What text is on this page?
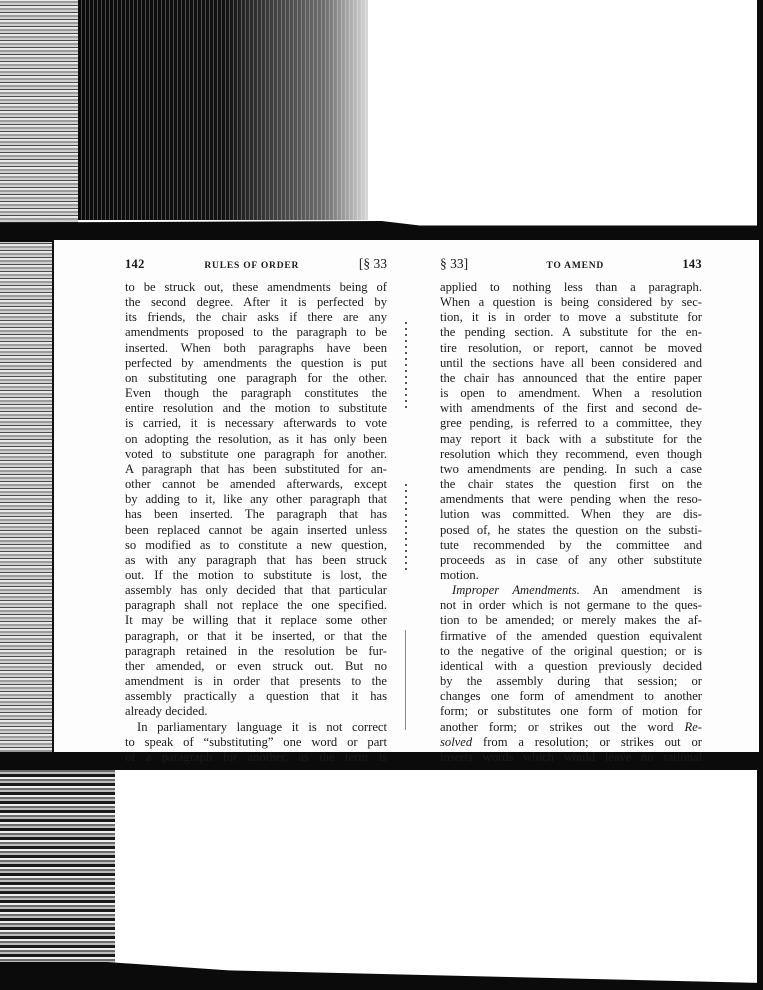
142	RULES OF ORDER	[§ 33
to be struck out, these amendments being of
the second degree. After it is perfected by
its friends, the chair asks if there are any
amendments proposed to the paragraph to be
inserted. When both paragraphs have been
perfected by amendments the question is put
on substituting one paragraph for the other.
Even though the paragraph constitutes the
entire resolution and the motion to substitute
is carried, it is necessary afterwards to vote
on adopting the resolution, as it has only been
voted to substitute one paragraph for another.
A paragraph that has been substituted for an-
other cannot be amended afterwards, except
by adding to it, like any other paragraph that
has been inserted. The paragraph that has
been replaced cannot be again inserted unless
so modified as to constitute a new question,
as with any paragraph that has been struck
out. If the motion to substitute is lost, the
assembly has only decided that that particular
paragraph shall not replace the one specified.
It may be willing that it replace some other
paragraph, or that it be inserted, or that the
paragraph retained in the resolution be fur-
ther amended, or even struck out. But no
amendment is in order that presents to the
assembly practically a question that it has
already decided.
In parliamentary language it is not correct
to speak of “substituting” one word or part
of a paragraph for another, as the term is
§ 33]	TO AMEND	143
applied to nothing less than a paragraph.
When a question is being considered by sec-
tion, it is in order to move a substitute for
the pending section. A substitute for the en-
tire resolution, or report, cannot be moved
until the sections have all been considered and
the chair has announced that the entire paper
is open to amendment. When a resolution
with amendments of the first and second de-
gree pending, is referred to a committee, they
may report it back with a substitute for the
resolution which they recommend, even though
two amendments are pending. In such a case
the chair states the question first on the
amendments that were pending when the reso-
lution was committed. When they are dis-
posed of, he states the question on the substi-
tute recommended by the committee and
proceeds as in case of any other substitute
motion.
Improper Amendments. An amendment is
not in order which is not germane to the ques-
tion to be amended; or merely makes the af-
firmative of the amended question equivalent
to the negative of the original question; or is
identical with a question previously decided
by the assembly during that session; or
changes one form of amendment to another
form; or substitutes one form of motion for
another form; or strikes out the word Re-
solved from a resolution; or strikes out or
inserts words which would leave no rational
